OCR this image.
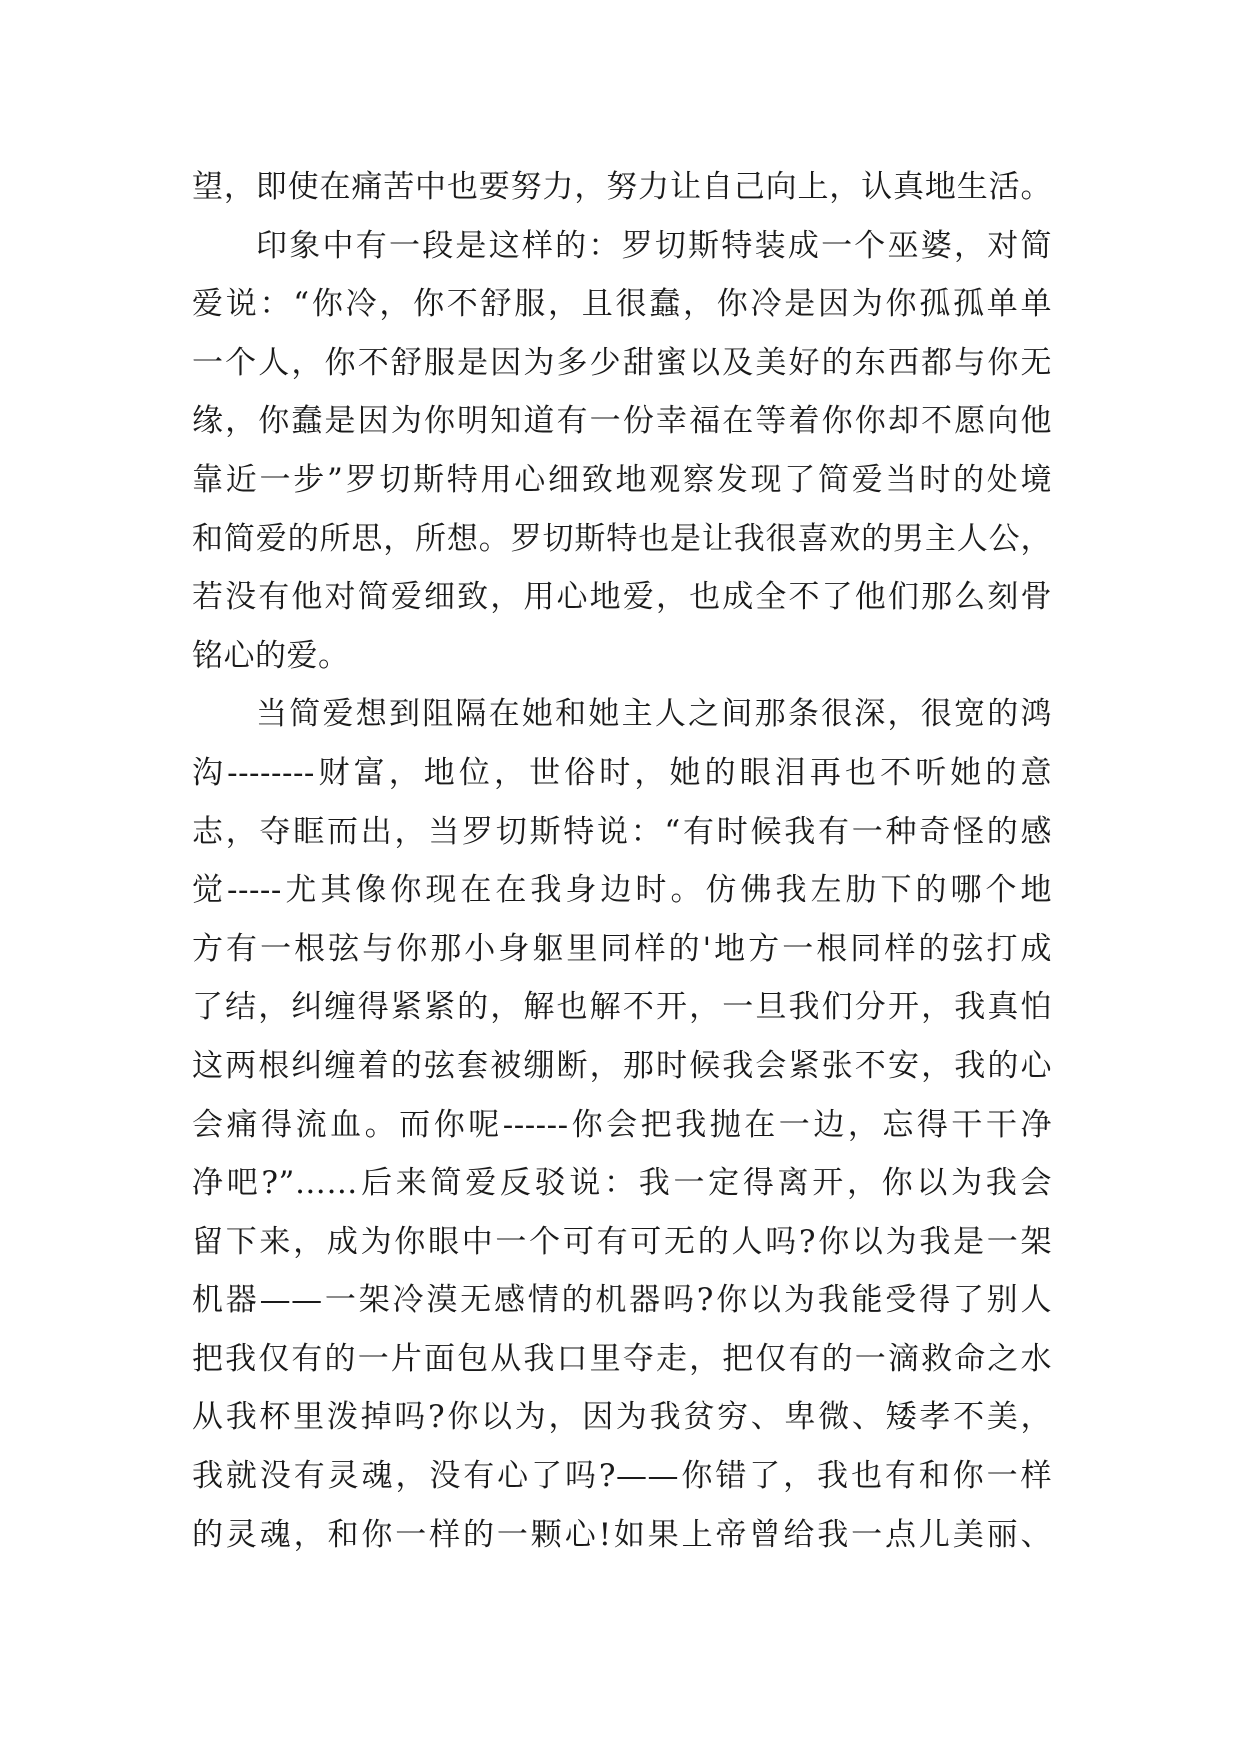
望，即使在痛苦中也要努力，努力让自己向上，认真地生活。
印象中有一段是这样的：罗切斯特装成一个巫婆，对简
爱说：“你冷，你不舒服，且很蠢，你冷是因为你孤孤单单
一个人，你不舒服是因为多少甜蜜以及美好的东西都与你无
缘，你蠢是因为你明知道有一份幸福在等着你你却不愿向他
靠近一步”罗切斯特用心细致地观察发现了简爱当时的处境
和简爱的所思，所想。罗切斯特也是让我很喜欢的男主人公，
若没有他对简爱细致，用心地爱，也成全不了他们那么刻骨
铭心的爱。
当简爱想到阻隔在她和她主人之间那条很深，很宽的鸿
沟--------财富，地位，世俗时，她的眼泪再也不听她的意
志，夺眶而出，当罗切斯特说：“有时候我有一种奇怪的感
觉-----尤其像你现在在我身边时。仿佛我左肋下的哪个地
方有一根弦与你那小身躯里同样的'地方一根同样的弦打成
了结，纠缠得紧紧的，解也解不开，一旦我们分开，我真怕
这两根纠缠着的弦套被绷断，那时候我会紧张不安，我的心
会痛得流血。而你呢------你会把我抛在一边，忘得干干净
净吧?”……后来简爱反驳说：我一定得离开，你以为我会
留下来，成为你眼中一个可有可无的人吗?你以为我是一架
机器——一架冷漠无感情的机器吗?你以为我能受得了别人
把我仅有的一片面包从我口里夺走，把仅有的一滴救命之水
从我杯里泼掉吗?你以为，因为我贫穷、卑微、矮孝不美，
我就没有灵魂，没有心了吗?——你错了，我也有和你一样
的灵魂，和你一样的一颗心!如果上帝曾给我一点儿美丽、
